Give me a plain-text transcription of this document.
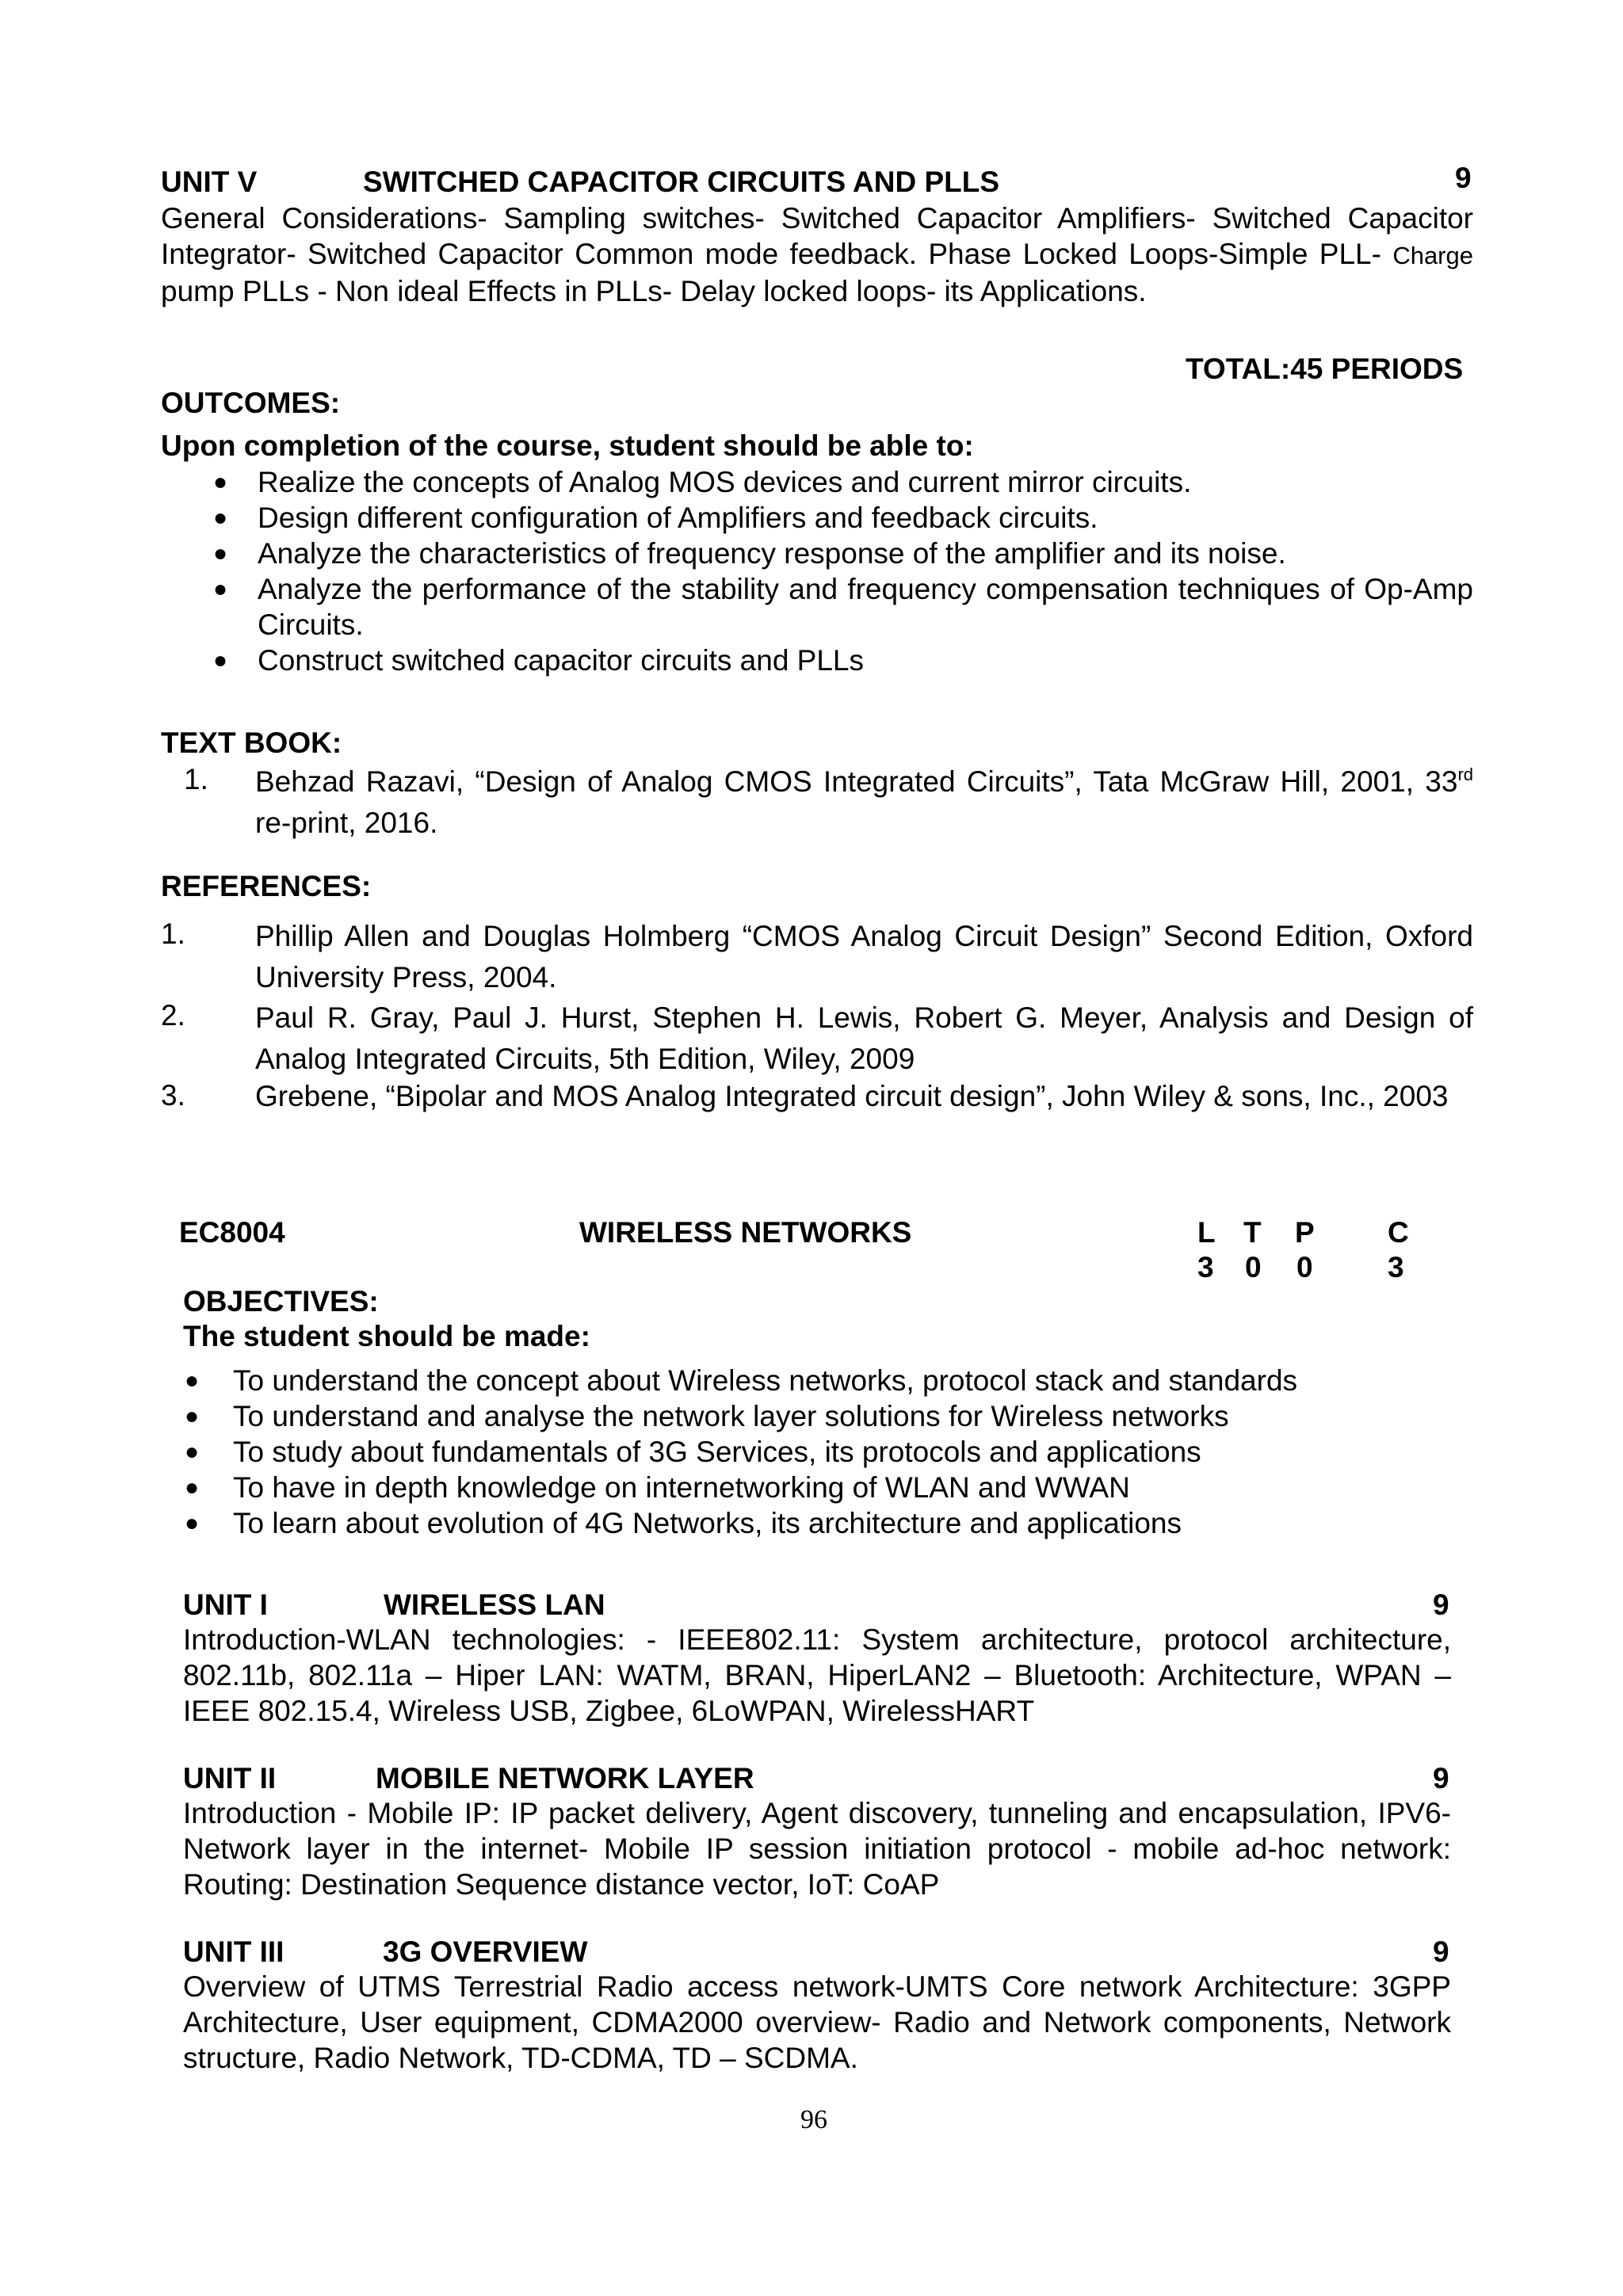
UNIT V	SWITCHED CAPACITOR CIRCUITS AND PLLS	9
General Considerations- Sampling switches- Switched Capacitor Amplifiers- Switched Capacitor Integrator- Switched Capacitor Common mode feedback. Phase Locked Loops-Simple PLL- Charge pump PLLs - Non ideal Effects in PLLs- Delay locked loops- its Applications.
TOTAL:45 PERIODS
OUTCOMES:
Upon completion of the course, student should be able to:
● Realize the concepts of Analog MOS devices and current mirror circuits.
● Design different configuration of Amplifiers and feedback circuits.
● Analyze the characteristics of frequency response of the amplifier and its noise.
● Analyze the performance of the stability and frequency compensation techniques of Op-Amp Circuits.
● Construct switched capacitor circuits and PLLs
TEXT BOOK:
1. Behzad Razavi, “Design of Analog CMOS Integrated Circuits”, Tata McGraw Hill, 2001, 33rd re-print, 2016.
REFERENCES:
1. Phillip Allen and Douglas Holmberg “CMOS Analog Circuit Design” Second Edition, Oxford University Press, 2004.
2. Paul R. Gray, Paul J. Hurst, Stephen H. Lewis, Robert G. Meyer, Analysis and Design of Analog Integrated Circuits, 5th Edition, Wiley, 2009
3. Grebene, “Bipolar and MOS Analog Integrated circuit design”, John Wiley & sons, Inc., 2003
EC8004	WIRELESS NETWORKS	L T P C
3 0 0	3
OBJECTIVES:
The student should be made:
● To understand the concept about Wireless networks, protocol stack and standards
● To understand and analyse the network layer solutions for Wireless networks
● To study about fundamentals of 3G Services, its protocols and applications
● To have in depth knowledge on internetworking of WLAN and WWAN
● To learn about evolution of 4G Networks, its architecture and applications
UNIT I	WIRELESS LAN	9
Introduction-WLAN technologies: - IEEE802.11: System architecture, protocol architecture, 802.11b, 802.11a – Hiper LAN: WATM, BRAN, HiperLAN2 – Bluetooth: Architecture, WPAN – IEEE 802.15.4, Wireless USB, Zigbee, 6LoWPAN, WirelessHART
UNIT II	MOBILE NETWORK LAYER	9
Introduction - Mobile IP: IP packet delivery, Agent discovery, tunneling and encapsulation, IPV6-Network layer in the internet- Mobile IP session initiation protocol - mobile ad-hoc network: Routing: Destination Sequence distance vector, IoT: CoAP
UNIT III	3G OVERVIEW	9
Overview of UTMS Terrestrial Radio access network-UMTS Core network Architecture: 3GPP Architecture, User equipment, CDMA2000 overview- Radio and Network components, Network structure, Radio Network, TD-CDMA, TD – SCDMA.
96
